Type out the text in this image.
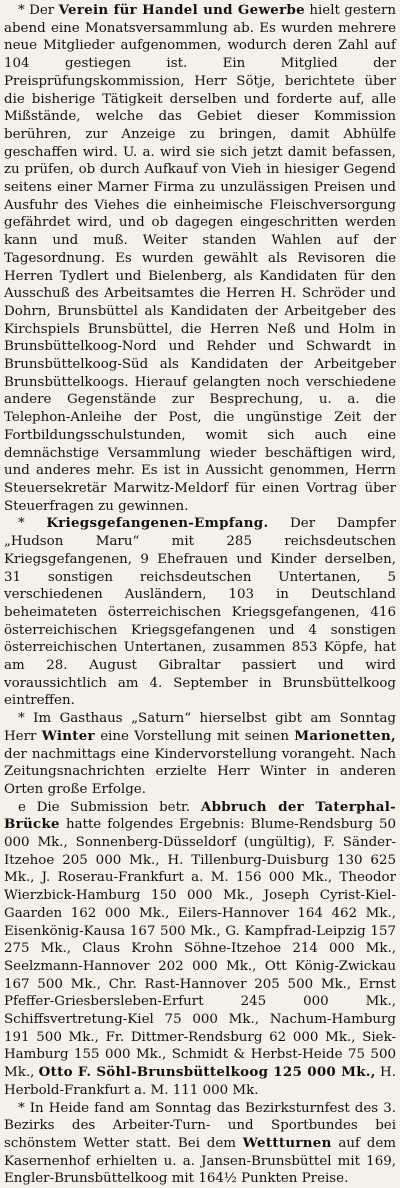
* Der Verein für Handel und Gewerbe hielt gestern abend eine Monatsversammlung ab. Es wurden mehrere neue Mitglieder aufgenommen, wodurch deren Zahl auf 104 gestiegen ist. Ein Mitglied der Preisprüfungskommission, Herr Sötje, berichtete über die bisherige Tätigkeit derselben und forderte auf, alle Mißstände, welche das Gebiet dieser Kommission berühren, zur Anzeige zu bringen, damit Abhülfe geschaffen wird. U. a. wird sie sich jetzt damit befassen, zu prüfen, ob durch Aufkauf von Vieh in hiesiger Gegend seitens einer Marner Firma zu unzulässigen Preisen und Ausfuhr des Viehes die einheimische Fleischversorgung gefährdet wird, und ob dagegen eingeschritten werden kann und muß. Weiter standen Wahlen auf der Tagesordnung. Es wurden gewählt als Revisoren die Herren Tydlert und Bielenberg, als Kandidaten für den Ausschuß des Arbeitsamtes die Herren H. Schröder und Dohrn, Brunsbüttel als Kandidaten der Arbeitgeber des Kirchspiels Brunsbüttel, die Herren Neß und Holm in Brunsbüttelkoog-Nord und Rehder und Schwardt in Brunsbüttelkoog-Süd als Kandidaten der Arbeitgeber Brunsbüttelkoogs. Hierauf gelangten noch verschiedene andere Gegenstände zur Besprechung, u. a. die Telephon-Anleihe der Post, die ungünstige Zeit der Fortbildungsschulstunden, womit sich auch eine demnächstige Versammlung wieder beschäftigen wird, und anderes mehr. Es ist in Aussicht genommen, Herrn Steuersekretär Marwitz-Meldorf für einen Vortrag über Steuerfragen zu gewinnen.

* Kriegsgefangenen-Empfang. Der Dampfer „Hudson Maru“ mit 285 reichsdeutschen Kriegsgefangenen, 9 Ehefrauen und Kinder derselben, 31 sonstigen reichsdeutschen Untertanen, 5 verschiedenen Ausländern, 103 in Deutschland beheimateten österreichischen Kriegsgefangenen, 416 österreichischen Kriegsgefangenen und 4 sonstigen österreichischen Untertanen, zusammen 853 Köpfe, hat am 28. August Gibraltar passiert und wird voraussichtlich am 4. September in Brunsbüttelkoog eintreffen.

* Im Gasthaus „Saturn“ hierselbst gibt am Sonntag Herr Winter eine Vorstellung mit seinen Marionetten, der nachmittags eine Kindervorstellung vorangeht. Nach Zeitungsnachrichten erzielte Herr Winter in anderen Orten große Erfolge.

e Die Submission betr. Abbruch der Taterphal-Brücke hatte folgendes Ergebnis: Blume-Rendsburg 50 000 Mk., Sonnenberg-Düsseldorf (ungültig), F. Sänder-Itzehoe 205 000 Mk., H. Tillenburg-Duisburg 130 625 Mk., J. Roserau-Frankfurt a. M. 156 000 Mk., Theodor Wierzbick-Hamburg 150 000 Mk., Joseph Cyrist-Kiel-Gaarden 162 000 Mk., Eilers-Hannover 164 462 Mk., Eisenkönig-Kausa 167 500 Mk., G. Kampfrad-Leipzig 157 275 Mk., Claus Krohn Söhne-Itzehoe 214 000 Mk., Seelzmann-Hannover 202 000 Mk., Ott König-Zwickau 167 500 Mk., Chr. Rast-Hannover 205 500 Mk., Ernst Pfeffer-Griesbersleben-Erfurt 245 000 Mk., Schiffsvertretung-Kiel 75 000 Mk., Nachum-Hamburg 191 500 Mk., Fr. Dittmer-Rendsburg 62 000 Mk., Siek-Hamburg 155 000 Mk., Schmidt & Herbst-Heide 75 500 Mk., Otto F. Söhl-Brunsbüttelkoog 125 000 Mk., H. Herbold-Frankfurt a. M. 111 000 Mk.

* In Heide fand am Sonntag das Bezirksturnfest des 3. Bezirks des Arbeiter-Turn- und Sportbundes bei schönstem Wetter statt. Bei dem Wettturnen auf dem Kasernenhof erhielten u. a. Jansen-Brunsbüttel mit 169, Engler-Brunsbüttelkoog mit 164½ Punkten Preise.
